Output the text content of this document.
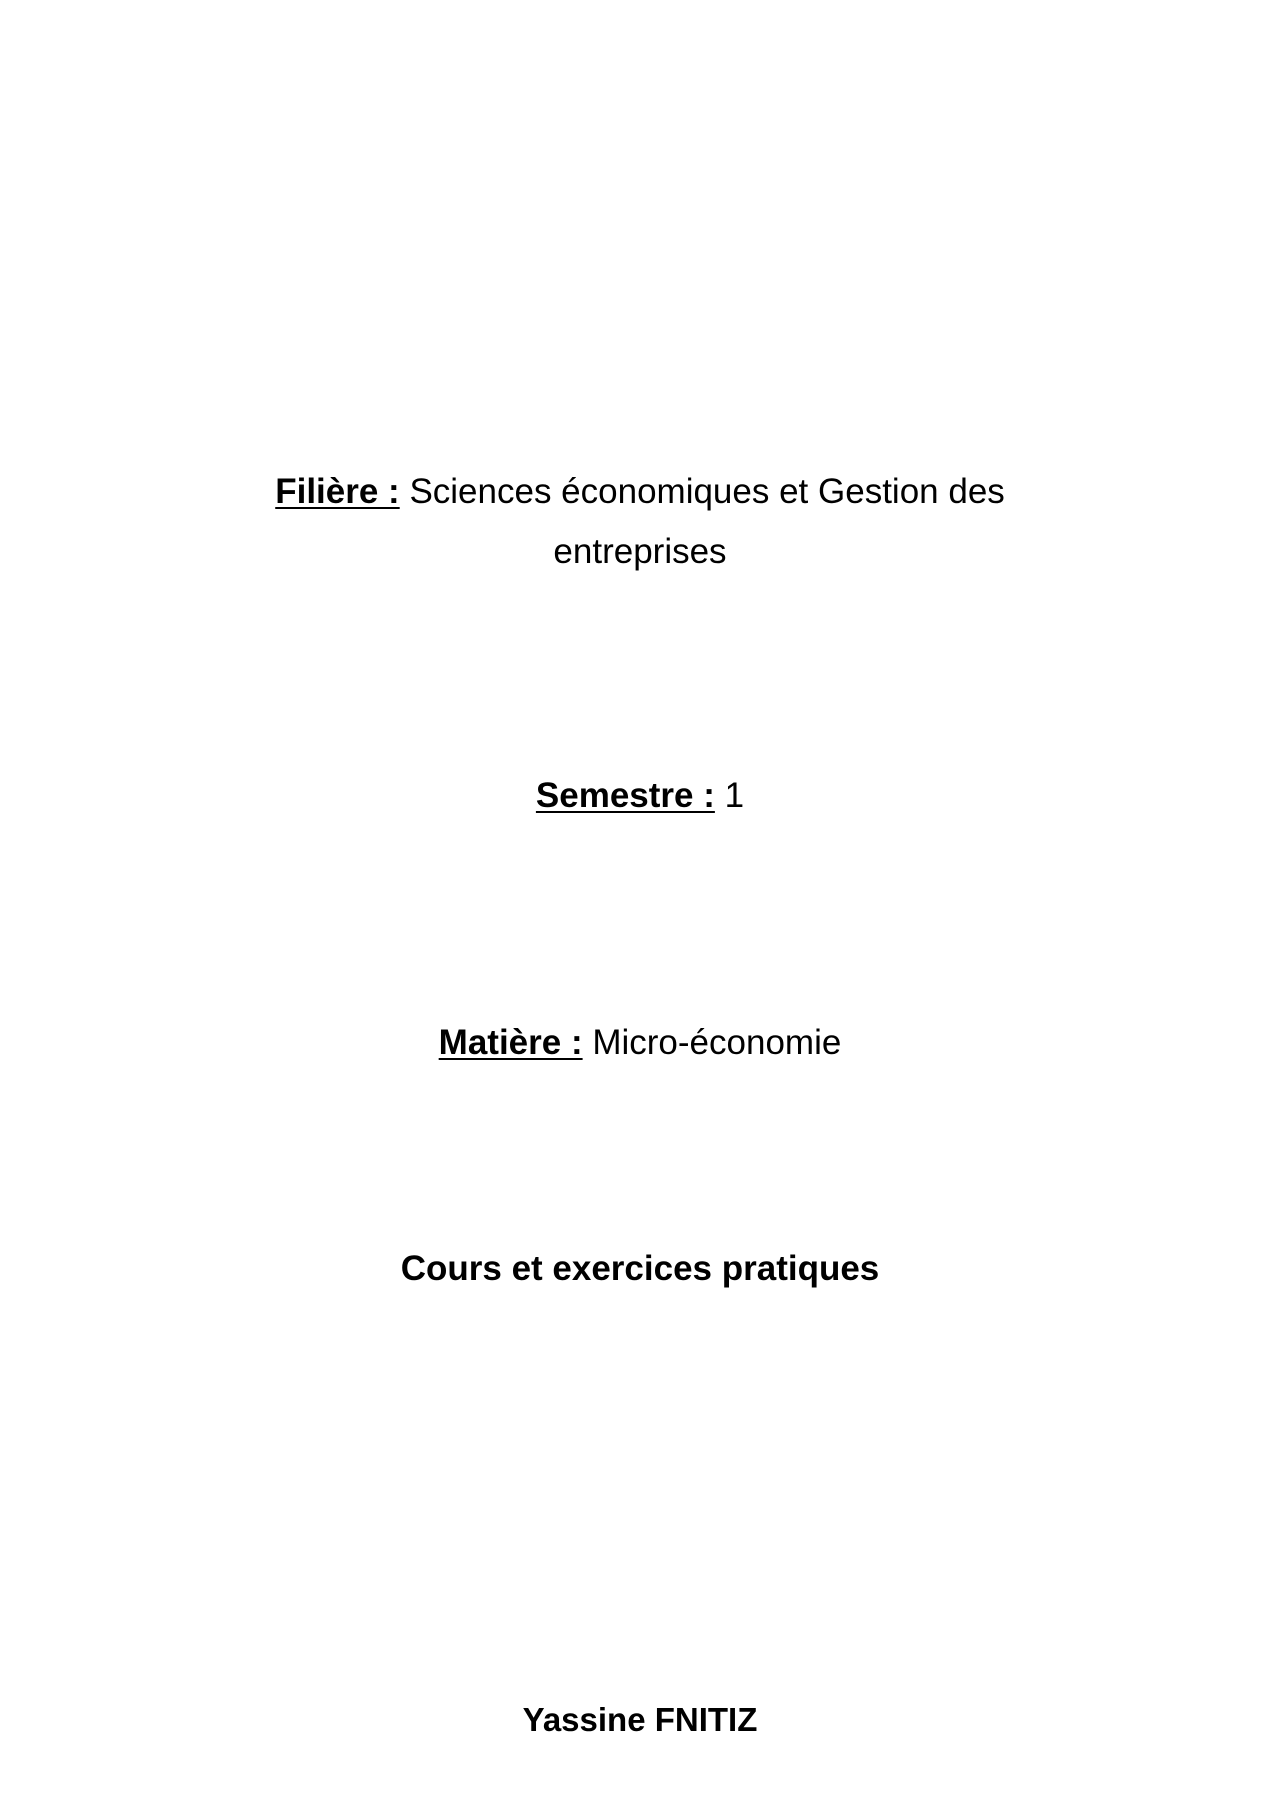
Filière : Sciences économiques et Gestion des entreprises
Semestre : 1
Matière : Micro-économie
Cours et exercices pratiques
Yassine FNITIZ
